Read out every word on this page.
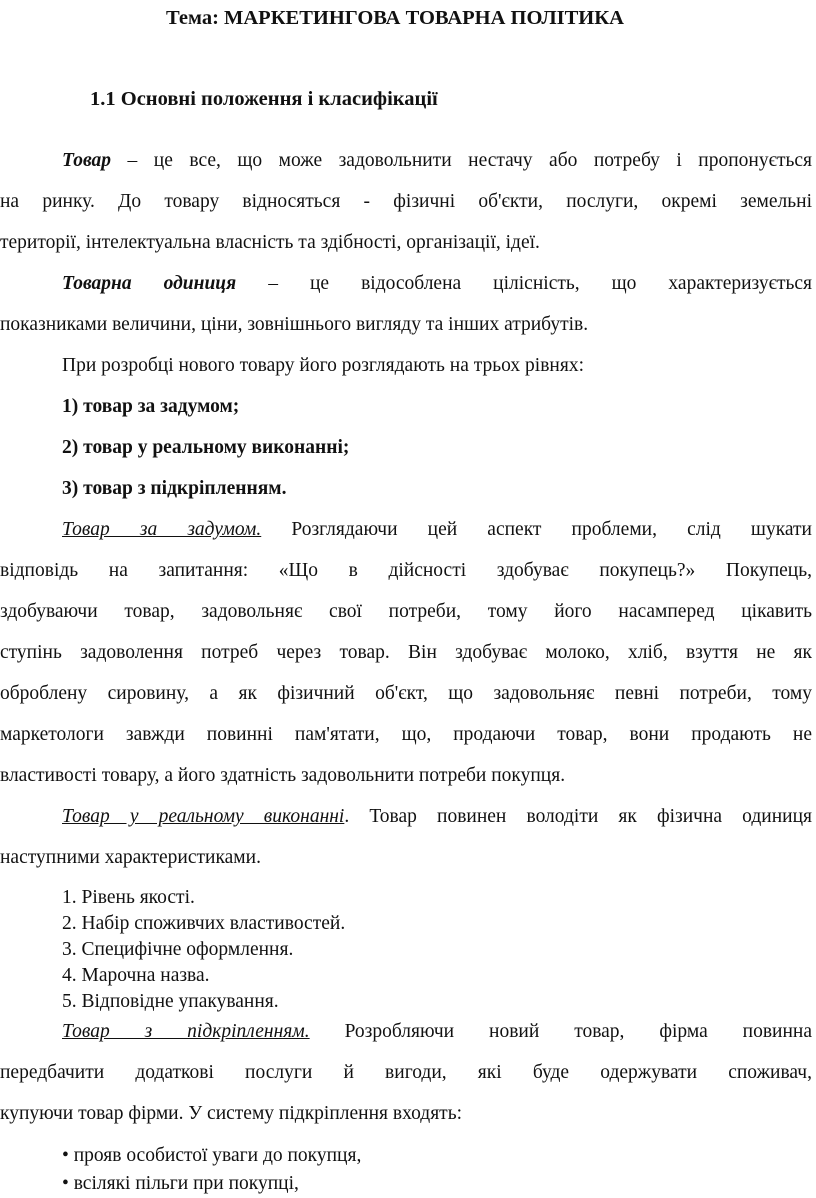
Тема: МАРКЕТИНГОВА ТОВАРНА ПОЛІТИКА
1.1 Основні положення і класифікації
Товар – це все, що може задовольнити нестачу або потребу і пропонується
на ринку. До товару відносяться - фізичні об'єкти, послуги, окремі земельні
території, інтелектуальна власність та здібності, організації, ідеї.
Товарна одиниця – це відособлена цілісність, що характеризується
показниками величини, ціни, зовнішнього вигляду та інших атрибутів.
При розробці нового товару його розглядають на трьох рівнях:
1) товар за задумом;
2) товар у реальному виконанні;
3) товар з підкріпленням.
Товар за задумом. Розглядаючи цей аспект проблеми, слід шукати
відповідь на запитання: «Що в дійсності здобуває покупець?» Покупець,
здобуваючи товар, задовольняє свої потреби, тому його насамперед цікавить
ступінь задоволення потреб через товар. Він здобуває молоко, хліб, взуття не як
оброблену сировину, а як фізичний об'єкт, що задовольняє певні потреби, тому
маркетологи завжди повинні пам'ятати, що, продаючи товар, вони продають не
властивості товару, а його здатність задовольнити потреби покупця.
Товар у реальному виконанні. Товар повинен володіти як фізична одиниця
наступними характеристиками.
1. Рівень якості.
2. Набір споживчих властивостей.
3. Специфічне оформлення.
4. Марочна назва.
5. Відповідне упакування.
Товар з підкріпленням. Розробляючи новий товар, фірма повинна
передбачити додаткові послуги й вигоди, які буде одержувати споживач,
купуючи товар фірми. У систему підкріплення входять:
• прояв особистої уваги до покупця,
• всілякі пільги при покупці,
